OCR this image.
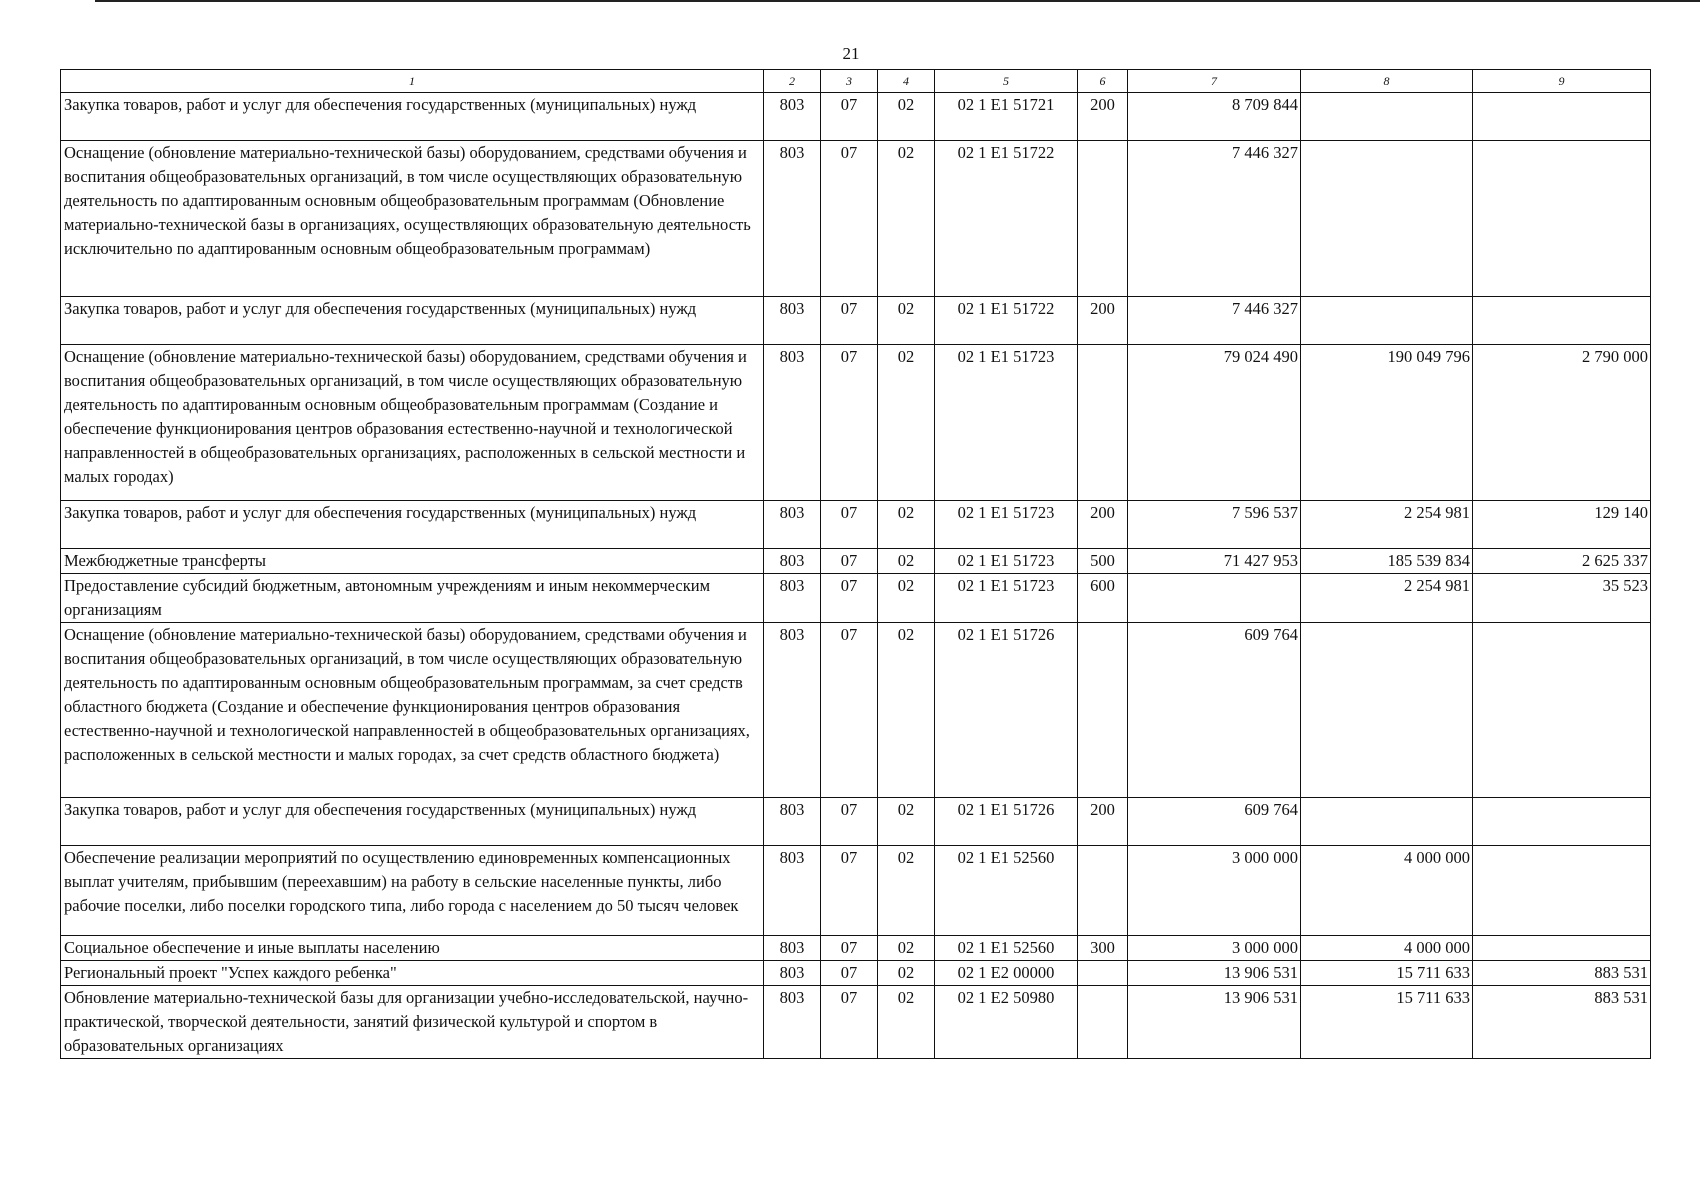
21
1	2	3	4	5	6	7	8	9
Закупка товаров, работ и услуг для обеспечения государственных (муниципальных) нужд	803	07	02	02 1 E1 51721	200	8 709 844		
Оснащение (обновление материально-технической базы) оборудованием, средствами обучения и воспитания общеобразовательных организаций, в том числе осуществляющих образовательную деятельность по адаптированным основным общеобразовательным программам (Обновление материально-технической базы в организациях, осуществляющих образовательную деятельность исключительно по адаптированным основным общеобразовательным программам)	803	07	02	02 1 E1 51722		7 446 327		
Закупка товаров, работ и услуг для обеспечения государственных (муниципальных) нужд	803	07	02	02 1 E1 51722	200	7 446 327		
Оснащение (обновление материально-технической базы) оборудованием, средствами обучения и воспитания общеобразовательных организаций, в том числе осуществляющих образовательную деятельность по адаптированным основным общеобразовательным программам (Создание и обеспечение функционирования центров образования естественно-научной и технологической направленностей в общеобразовательных организациях, расположенных в сельской местности и малых городах)	803	07	02	02 1 E1 51723		79 024 490	190 049 796	2 790 000
Закупка товаров, работ и услуг для обеспечения государственных (муниципальных) нужд	803	07	02	02 1 E1 51723	200	7 596 537	2 254 981	129 140
Межбюджетные трансферты	803	07	02	02 1 E1 51723	500	71 427 953	185 539 834	2 625 337
Предоставление субсидий бюджетным, автономным учреждениям и иным некоммерческим организациям	803	07	02	02 1 E1 51723	600		2 254 981	35 523
Оснащение (обновление материально-технической базы) оборудованием, средствами обучения и воспитания общеобразовательных организаций, в том числе осуществляющих образовательную деятельность по адаптированным основным общеобразовательным программам, за счет средств областного бюджета (Создание и обеспечение функционирования центров образования естественно-научной и технологической направленностей в общеобразовательных организациях, расположенных в сельской местности и малых городах, за счет средств областного бюджета)	803	07	02	02 1 E1 51726		609 764		
Закупка товаров, работ и услуг для обеспечения государственных (муниципальных) нужд	803	07	02	02 1 E1 51726	200	609 764		
Обеспечение реализации мероприятий по осуществлению единовременных компенсационных выплат учителям, прибывшим (переехавшим) на работу в сельские населенные пункты, либо рабочие поселки, либо поселки городского типа, либо города с населением до 50 тысяч человек	803	07	02	02 1 E1 52560		3 000 000	4 000 000	
Социальное обеспечение и иные выплаты населению	803	07	02	02 1 E1 52560	300	3 000 000	4 000 000	
Региональный проект "Успех каждого ребенка"	803	07	02	02 1 E2 00000		13 906 531	15 711 633	883 531
Обновление материально-технической базы для организации учебно-исследовательской, научно-практической, творческой деятельности, занятий физической культурой и спортом в образовательных организациях	803	07	02	02 1 E2 50980		13 906 531	15 711 633	883 531
